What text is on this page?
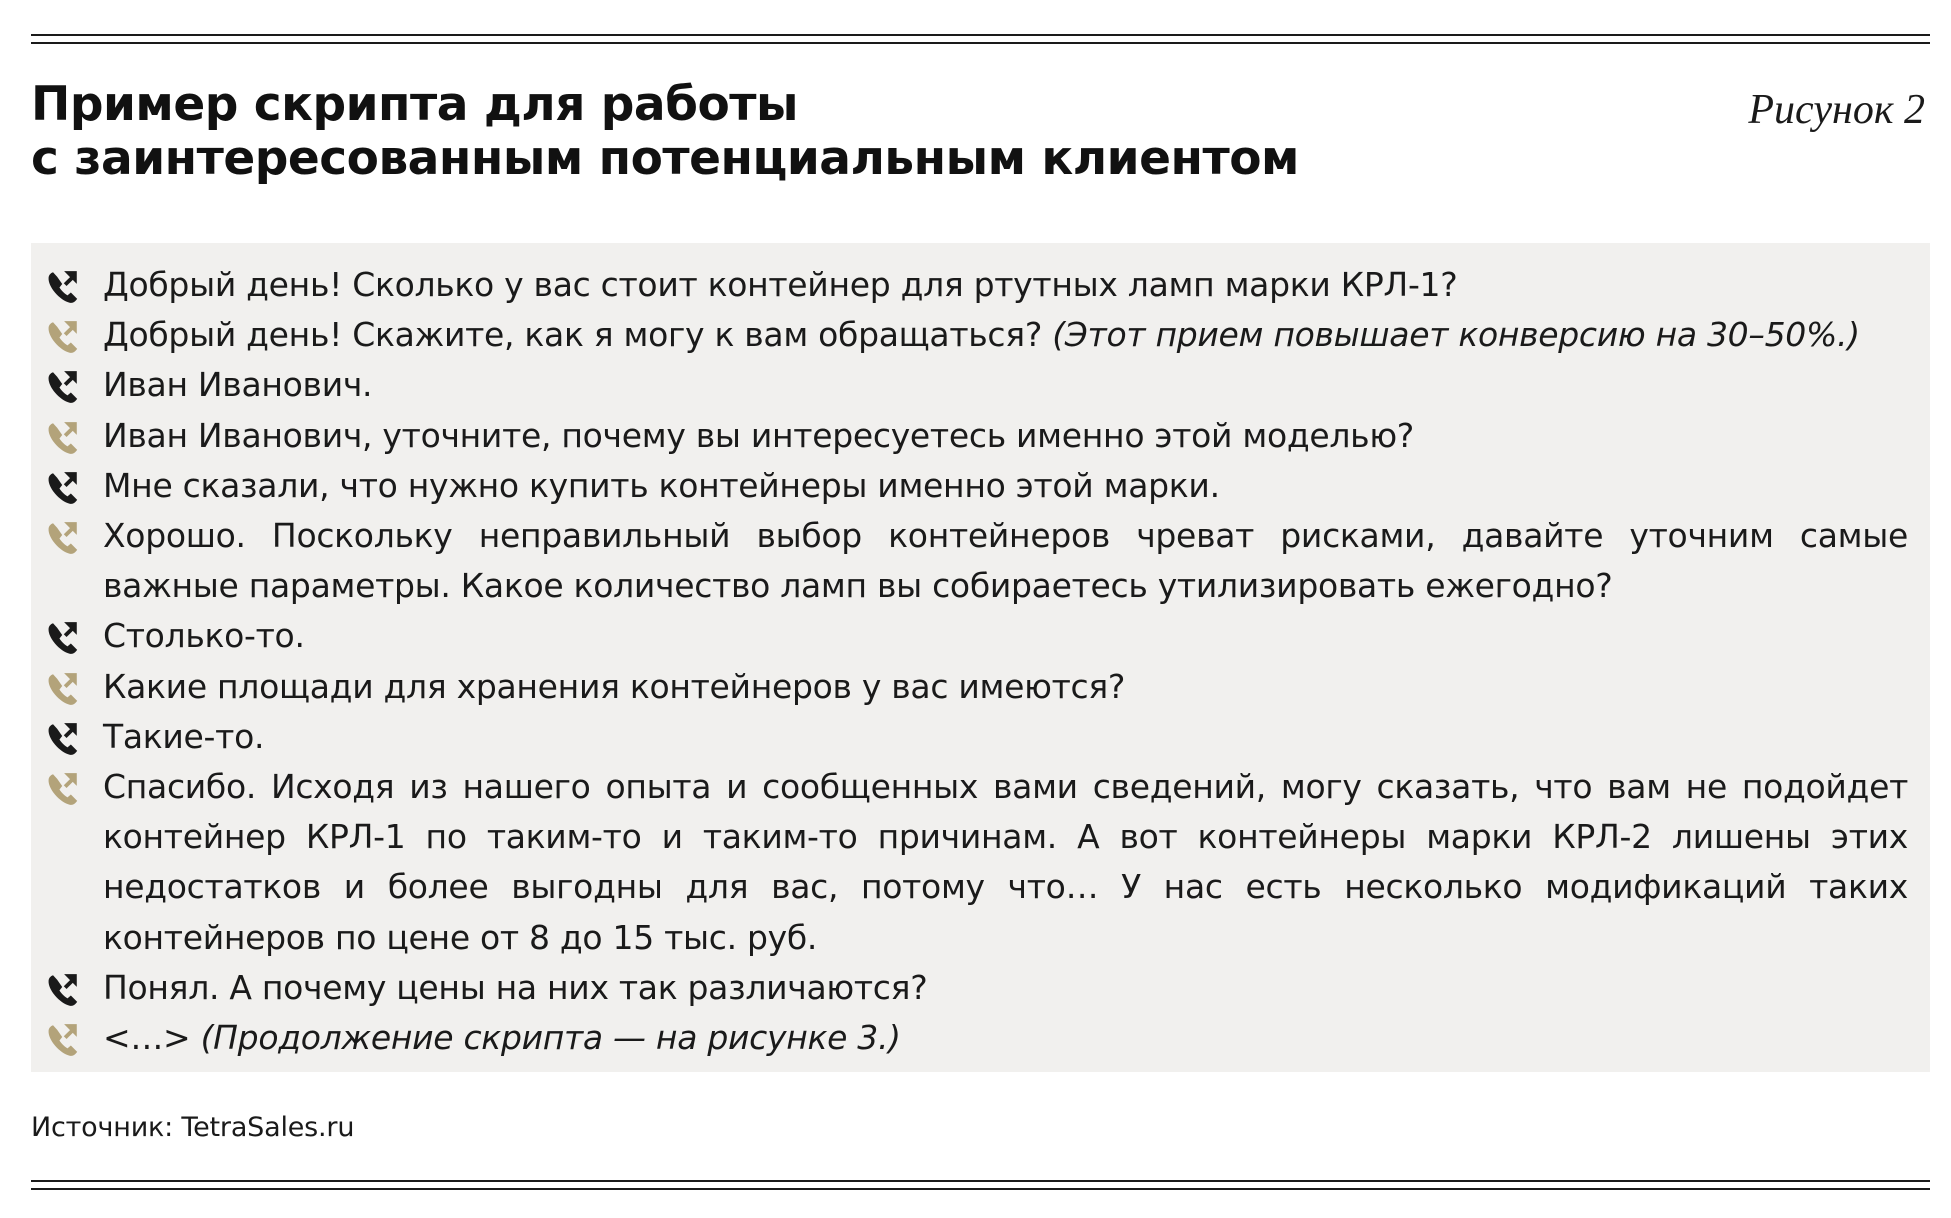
Пример скрипта для работы
с заинтересованным потенциальным клиентом
Рисунок 2
Добрый день! Сколько у вас стоит контейнер для ртутных ламп марки КРЛ-1?
Добрый день! Скажите, как я могу к вам обращаться? (Этот прием повышает конверсию на 30–50%.)
Иван Иванович.
Иван Иванович, уточните, почему вы интересуетесь именно этой моделью?
Мне сказали, что нужно купить контейнеры именно этой марки.
Хорошо. Поскольку неправильный выбор контейнеров чреват рисками, давайте уточним самые важные параметры. Какое количество ламп вы собираетесь утилизировать ежегодно?
Столько-то.
Какие площади для хранения контейнеров у вас имеются?
Такие-то.
Спасибо. Исходя из нашего опыта и сообщенных вами сведений, могу сказать, что вам не подойдет контейнер КРЛ-1 по таким-то и таким-то причинам. А вот контейнеры марки КРЛ-2 лишены этих недостатков и более выгодны для вас, потому что… У нас есть несколько модификаций таких контейнеров по цене от 8 до 15 тыс. руб.
Понял. А почему цены на них так различаются?
<…> (Продолжение скрипта — на рисунке 3.)
Источник: TetraSales.ru
